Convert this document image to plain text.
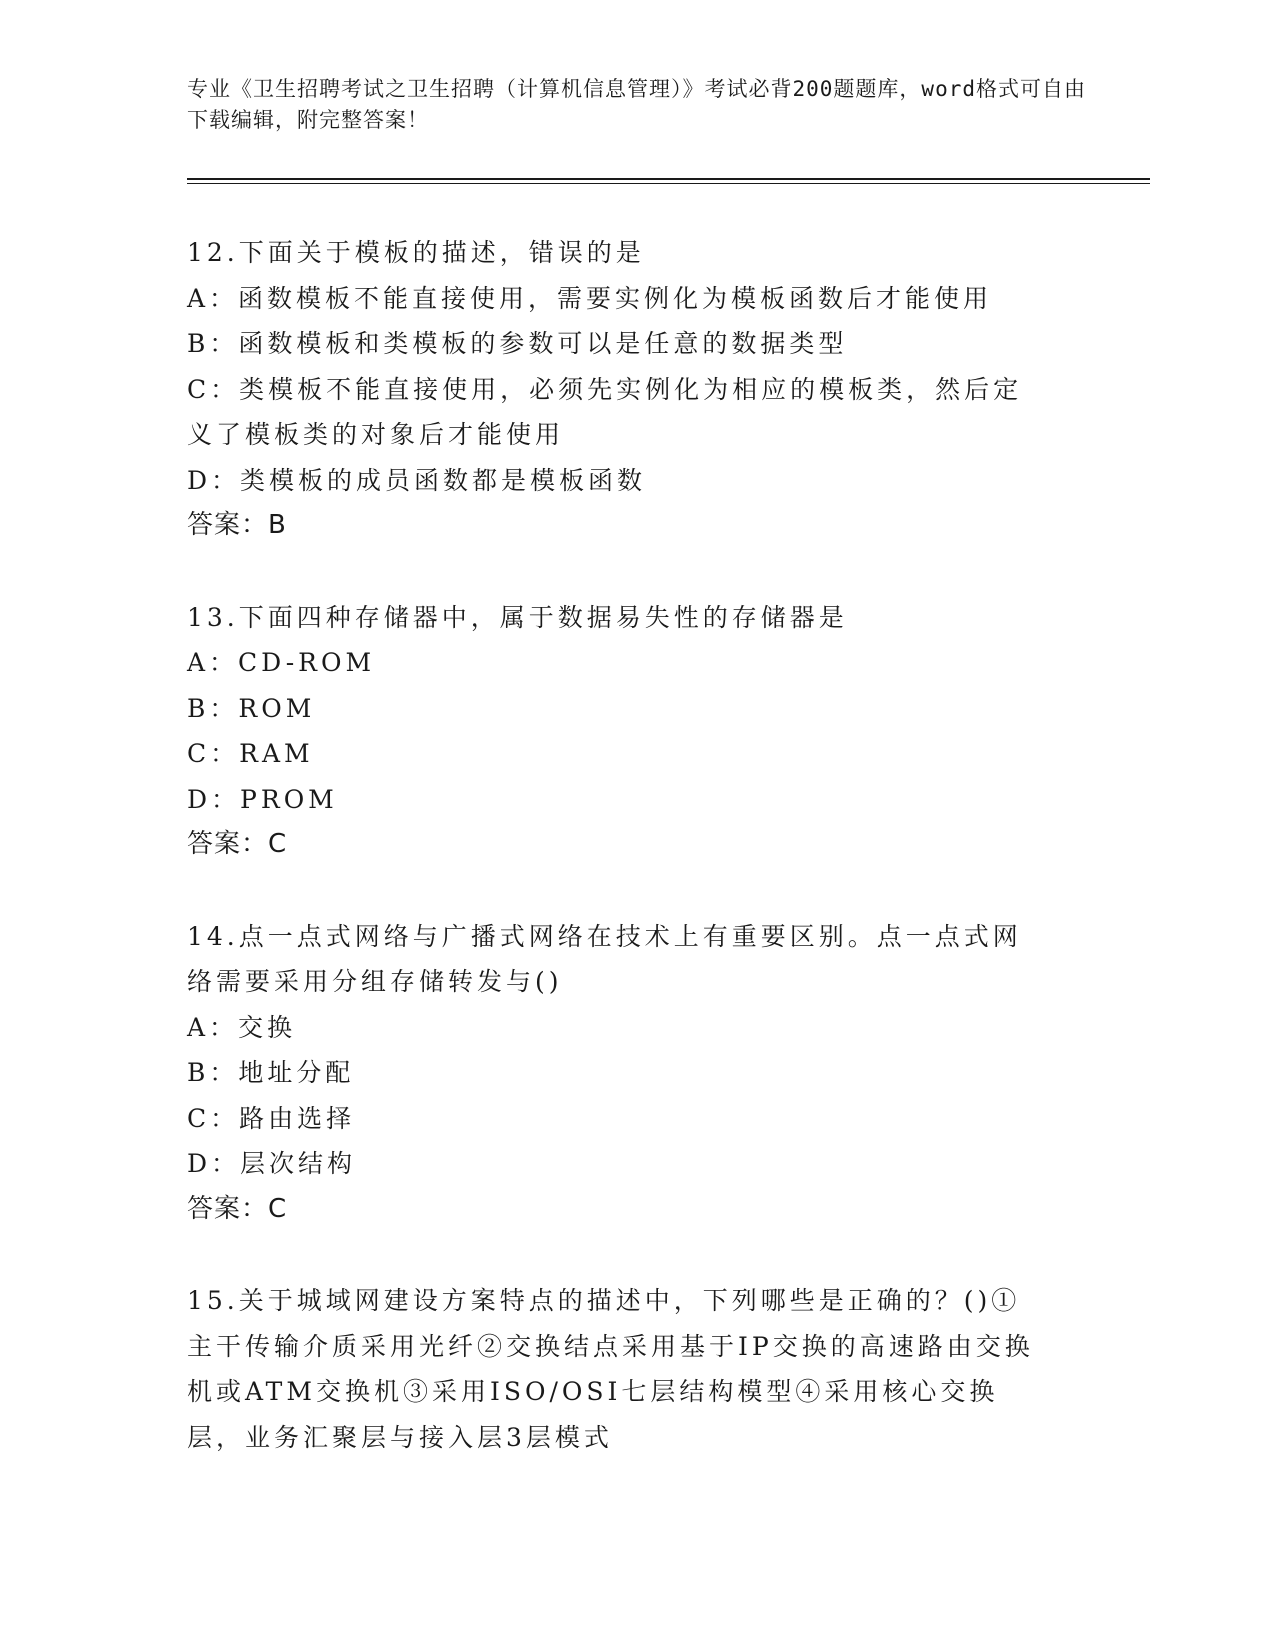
专业《卫生招聘考试之卫生招聘（计算机信息管理）》考试必背200题题库，word格式可自由下载编辑，附完整答案！

12.下面关于模板的描述，错误的是

A：函数模板不能直接使用，需要实例化为模板函数后才能使用

B：函数模板和类模板的参数可以是任意的数据类型

C：类模板不能直接使用，必须先实例化为相应的模板类，然后定义了模板类的对象后才能使用

D：类模板的成员函数都是模板函数

答案：B

13.下面四种存储器中，属于数据易失性的存储器是

A：CD-ROM

B：ROM

C：RAM

D：PROM

答案：C

14.点一点式网络与广播式网络在技术上有重要区别。点一点式网络需要采用分组存储转发与()

A：交换

B：地址分配

C：路由选择

D：层次结构

答案：C

15.关于城域网建设方案特点的描述中，下列哪些是正确的？()①主干传输介质采用光纤②交换结点采用基于IP交换的高速路由交换机或ATM交换机③采用ISO/OSI七层结构模型④采用核心交换层，业务汇聚层与接入层3层模式
